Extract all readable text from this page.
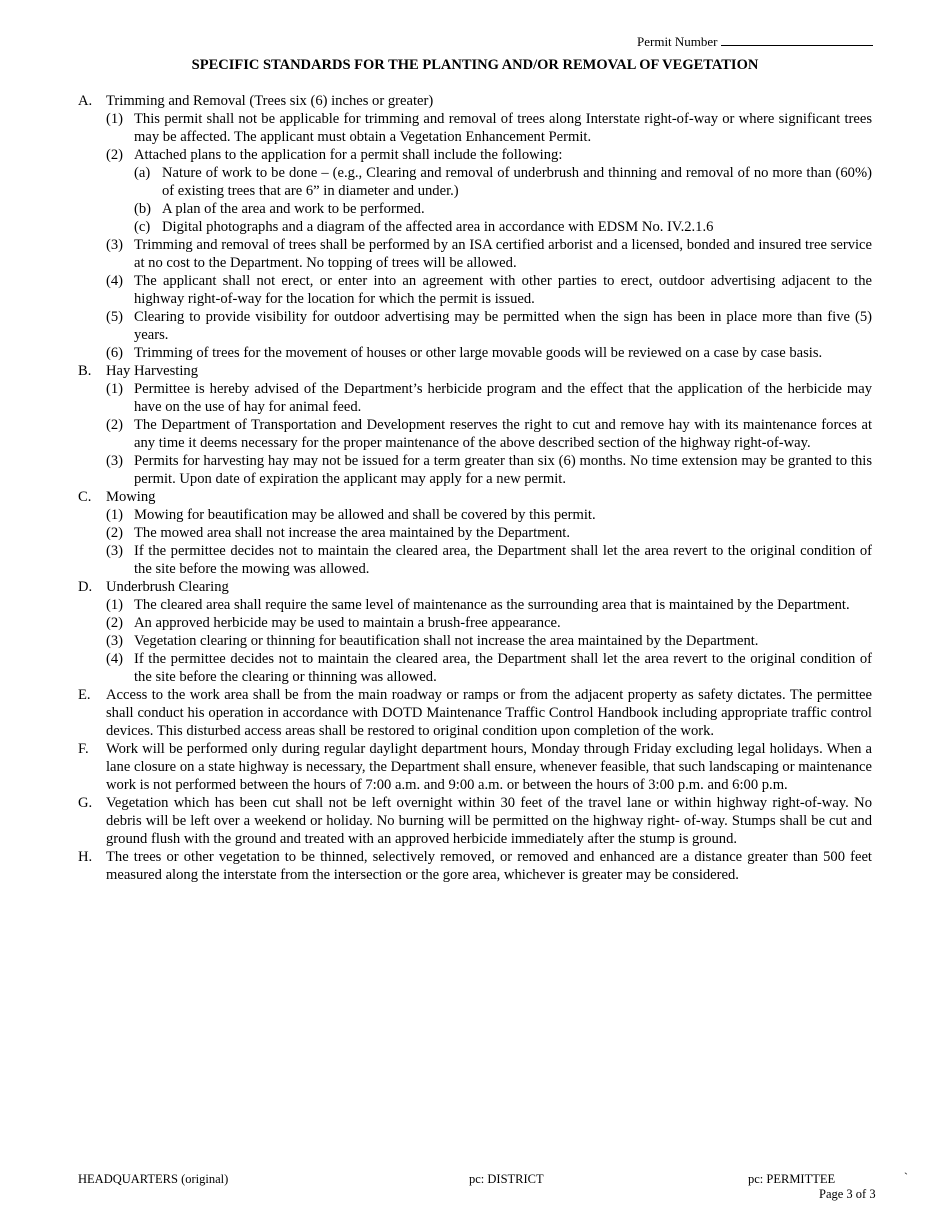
Permit Number
SPECIFIC STANDARDS FOR THE PLANTING AND/OR REMOVAL OF VEGETATION
A. Trimming and Removal (Trees six (6) inches or greater)
(1) This permit shall not be applicable for trimming and removal of trees along Interstate right-of-way or where significant trees may be affected. The applicant must obtain a Vegetation Enhancement Permit.
(2) Attached plans to the application for a permit shall include the following:
(a) Nature of work to be done – (e.g., Clearing and removal of underbrush and thinning and removal of no more than (60%) of existing trees that are 6” in diameter and under.)
(b) A plan of the area and work to be performed.
(c) Digital photographs and a diagram of the affected area in accordance with EDSM No. IV.2.1.6
(3) Trimming and removal of trees shall be performed by an ISA certified arborist and a licensed, bonded and insured tree service at no cost to the Department. No topping of trees will be allowed.
(4) The applicant shall not erect, or enter into an agreement with other parties to erect, outdoor advertising adjacent to the highway right-of-way for the location for which the permit is issued.
(5) Clearing to provide visibility for outdoor advertising may be permitted when the sign has been in place more than five (5) years.
(6) Trimming of trees for the movement of houses or other large movable goods will be reviewed on a case by case basis.
B.	Hay Harvesting
(1) Permittee is hereby advised of the Department’s herbicide program and the effect that the application of the herbicide may have on the use of hay for animal feed.
(2) The Department of Transportation and Development reserves the right to cut and remove hay with its maintenance forces at any time it deems necessary for the proper maintenance of the above described section of the highway right-of-way.
(3) Permits for harvesting hay may not be issued for a term greater than six (6) months. No time extension may be granted to this permit. Upon date of expiration the applicant may apply for a new permit.
C.	Mowing
(1) Mowing for beautification may be allowed and shall be covered by this permit.
(2) The mowed area shall not increase the area maintained by the Department.
(3) If the permittee decides not to maintain the cleared area, the Department shall let the area revert to the original condition of the site before the mowing was allowed.
D. Underbrush Clearing
(1) The cleared area shall require the same level of maintenance as the surrounding area that is maintained by the Department.
(2) An approved herbicide may be used to maintain a brush-free appearance.
(3) Vegetation clearing or thinning for beautification shall not increase the area maintained by the Department.
(4) If the permittee decides not to maintain the cleared area, the Department shall let the area revert to the original condition of the site before the clearing or thinning was allowed.
E.	Access to the work area shall be from the main roadway or ramps or from the adjacent property as safety dictates. The permittee shall conduct his operation in accordance with DOTD Maintenance Traffic Control Handbook including appropriate traffic control devices. This disturbed access areas shall be restored to original condition upon completion of the work.
F.	Work will be performed only during regular daylight department hours, Monday through Friday excluding legal holidays. When a lane closure on a state highway is necessary, the Department shall ensure, whenever feasible, that such landscaping or maintenance work is not performed between the hours of 7:00 a.m. and 9:00 a.m. or between the hours of 3:00 p.m. and 6:00 p.m.
G. Vegetation which has been cut shall not be left overnight within 30 feet of the travel lane or within highway right-of-way. No debris will be left over a weekend or holiday. No burning will be permitted on the highway right- of-way. Stumps shall be cut and ground flush with the ground and treated with an approved herbicide immediately after the stump is ground.
H. The trees or other vegetation to be thinned, selectively removed, or removed and enhanced are a distance greater than 500 feet measured along the interstate from the intersection or the gore area, whichever is greater may be considered.
HEADQUARTERS (original)	pc: DISTRICT	pc: PERMITTEE
Page 3 of 3
`
